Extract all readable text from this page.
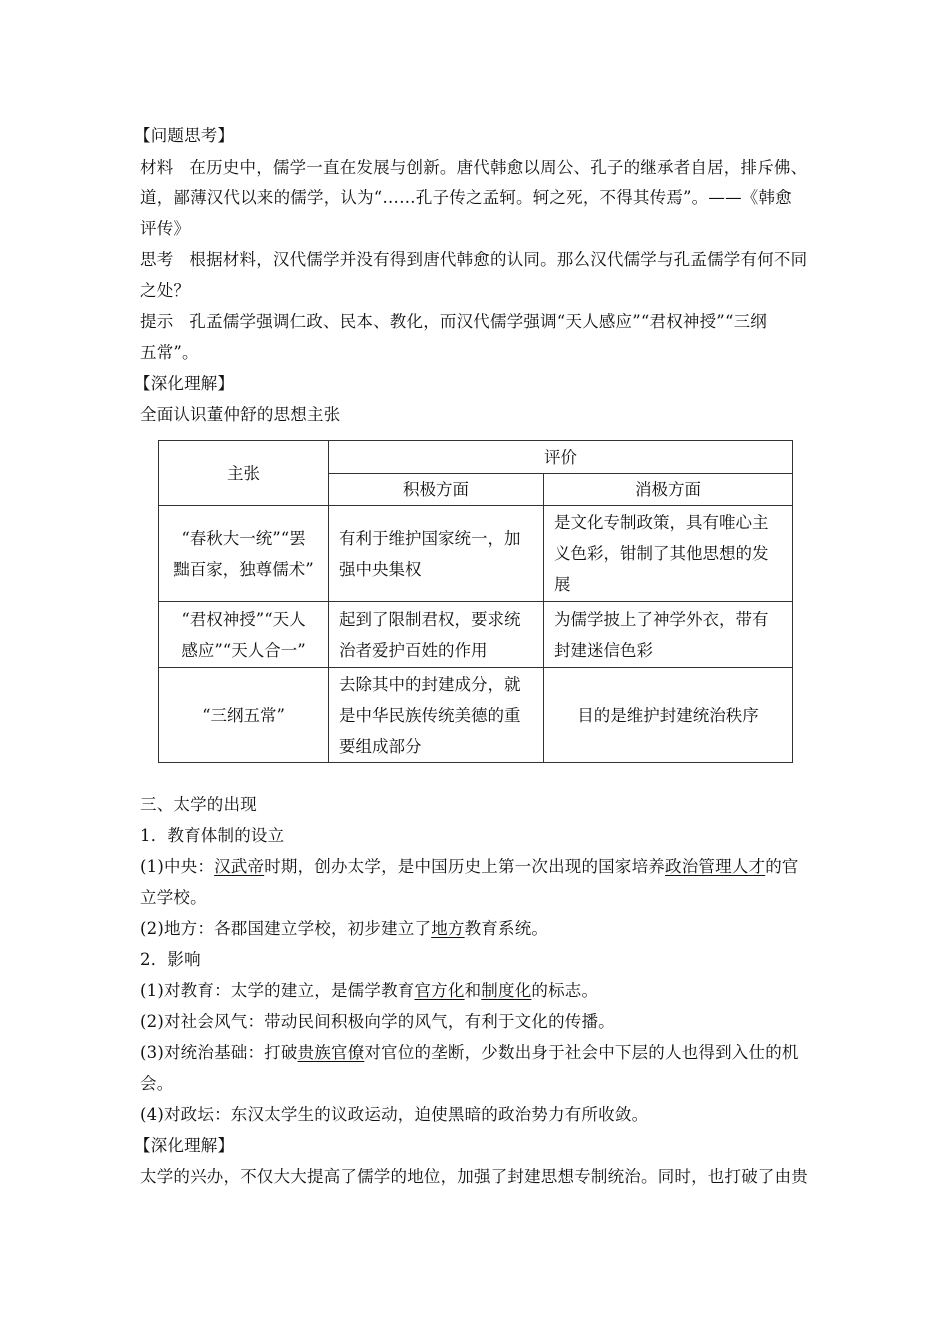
【问题思考】
材料 在历史中，儒学一直在发展与创新。唐代韩愈以周公、孔子的继承者自居，排斥佛、
道，鄙薄汉代以来的儒学，认为“……孔子传之孟轲。轲之死，不得其传焉”。——《韩愈
评传》
思考 根据材料，汉代儒学并没有得到唐代韩愈的认同。那么汉代儒学与孔孟儒学有何不同
之处？
提示 孔孟儒学强调仁政、民本、教化，而汉代儒学强调“天人感应”“君权神授”“三纲
五常”。
【深化理解】
全面认识董仲舒的思想主张
主张	评价	
	积极方面	消极方面

“春秋大一统”“罢
黜百家，独尊儒术”	有利于维护国家统一，加
强中央集权	是文化专制政策，具有唯心主
义色彩，钳制了其他思想的发
展

“君权神授”“天人
感应”“天人合一”	起到了限制君权，要求统
治者爱护百姓的作用	为儒学披上了神学外衣，带有
封建迷信色彩

“三纲五常”	去除其中的封建成分，就
是中华民族传统美德的重
要组成部分	目的是维护封建统治秩序
三、太学的出现
1．教育体制的设立
(1)中央：汉武帝时期，创办太学，是中国历史上第一次出现的国家培养政治管理人才的官
立学校。
(2)地方：各郡国建立学校，初步建立了地方教育系统。
2．影响
(1)对教育：太学的建立，是儒学教育官方化和制度化的标志。
(2)对社会风气：带动民间积极向学的风气，有利于文化的传播。
(3)对统治基础：打破贵族官僚对官位的垄断，少数出身于社会中下层的人也得到入仕的机
会。
(4)对政坛：东汉太学生的议政运动，迫使黑暗的政治势力有所收敛。
【深化理解】
太学的兴办，不仅大大提高了儒学的地位，加强了封建思想专制统治。同时，也打破了由贵
